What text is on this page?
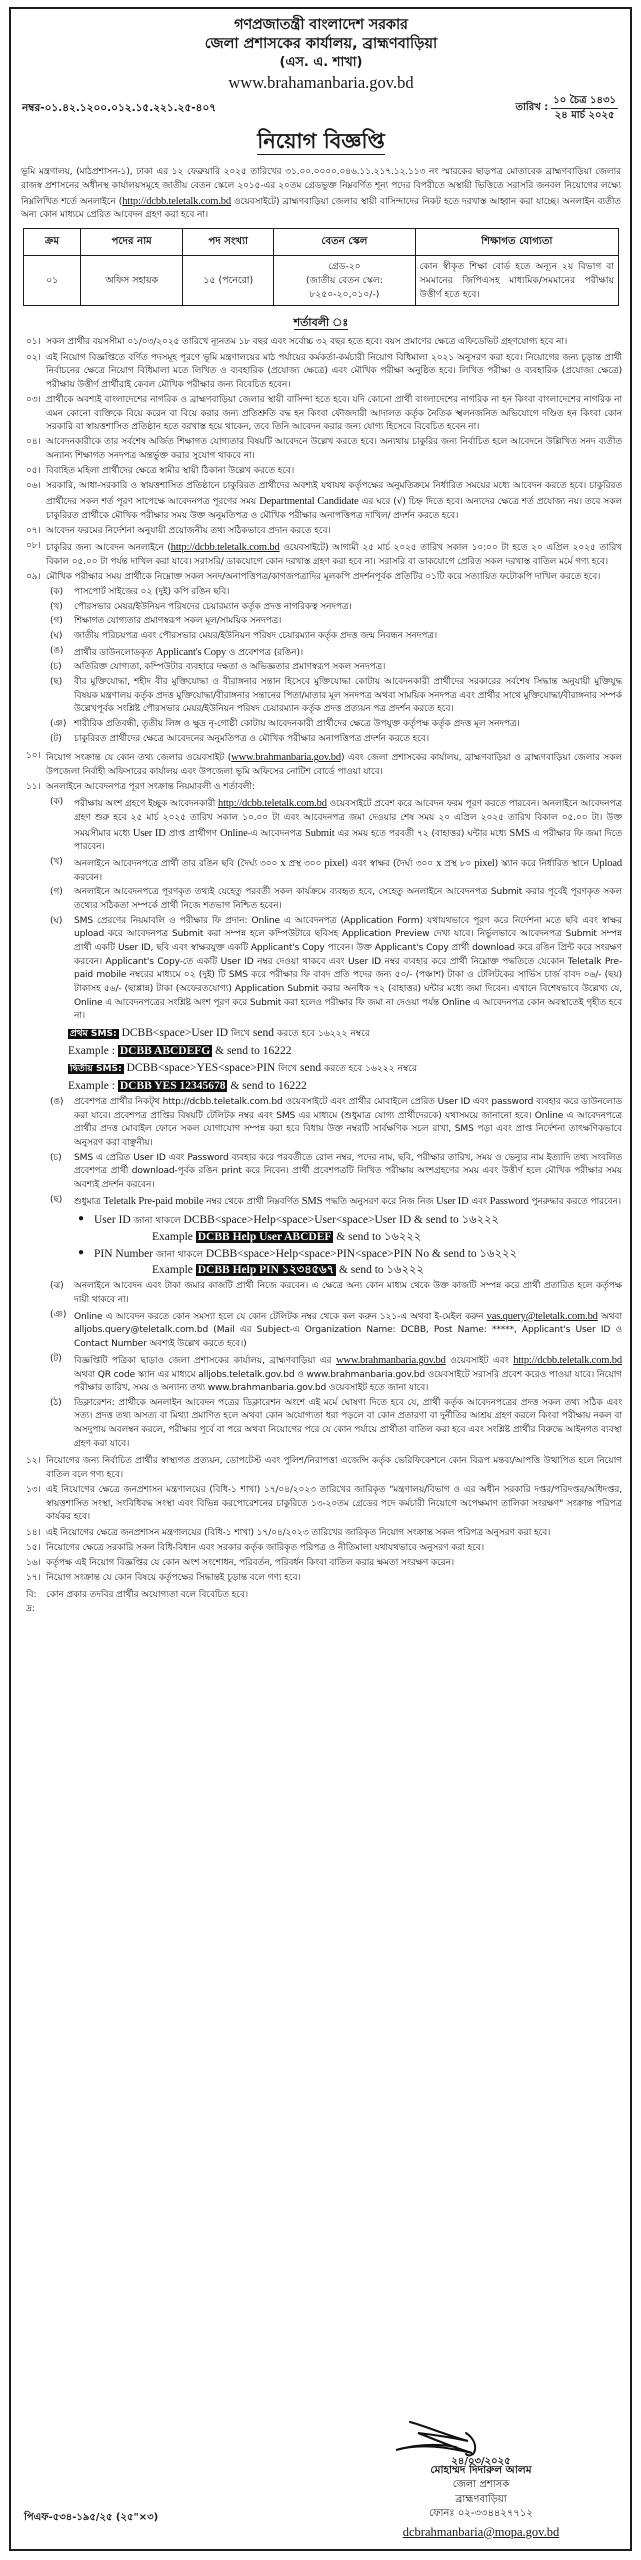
গণপ্রজাতন্ত্রী বাংলাদেশ সরকার
জেলা প্রশাসকের কার্যালয়, ব্রাহ্মণবাড়িয়া
(এস. এ. শাখা)
www.brahamanbaria.gov.bd
নম্বর-০১.৪২.১২০০.০১২.১৫.২২১.২৫-৪০৭	তারিখ :
১০ চৈত্র ১৪৩১
২৪ মার্চ ২০২৫
নিয়োগ বিজ্ঞপ্তি
ভূমি মন্ত্রণালয়, (মাঠপ্রশাসন-১), ঢাকা এর ১২ ফেব্রুয়ারি ২০২৫ তারিখের ৩১.০০.০০০০.০৪৬.১১.২১৭.১২.১১৩ নং স্মারকের ছাড়পত্র মোতাবেক ব্রাহ্মণবাড়িয়া জেলার রাজস্ব প্রশাসনের অধীনস্থ কার্যালয়সমূহে জাতীয় বেতন স্কেলে ২০১৫-এর ২০তম গ্রেডভুক্ত নিম্নবর্ণিত শূন্য পদের বিপরীতে অস্থায়ী ভিত্তিতে সরাসরি জনবল নিয়োগের লক্ষ্যে নিম্নলিখিত শর্তে অনলাইনে (http://dcbb.teletalk.com.bd ওয়েবসাইটে) ব্রাহ্মণবাড়িয়া জেলার স্থায়ী বাসিন্দাদের নিকট হতে দরখাস্ত আহ্বান করা যাচ্ছে। অনলাইন ব্যতীত অন্য কোন মাধ্যমে প্রেরিত আবেদন গ্রহণ করা হবে না।
ক্রম	পদের নাম	পদ সংখ্যা	বেতন স্কেল	শিক্ষাগত যোগ্যতা
০১	অফিস সহায়ক	১৫ (পনেরো)	গ্রেড-২০
(জাতীয় বেতন স্কেল:
৮২৫০-২০,০১০/-)	কোন স্বীকৃত শিক্ষা বোর্ড হতে অন্যূন ২য় বিভাগ বা সমমানের জিপিএসহ মাধ্যমিক/সমমানের পরীক্ষায় উত্তীর্ণ হতে হবে।
শর্তাবলী ঃ
০১। সকল প্রার্থীর বয়সসীমা ০১/০৩/২০২৫ তারিখে ন্যূনতম ১৮ বছর এবং সর্বোচ্চ ৩২ বছর হতে হবে। বয়স প্রমাণের ক্ষেত্রে এফিডেভিট গ্রহণযোগ্য হবে না।
০২। এই নিয়োগ বিজ্ঞপ্তিতে বর্ণিত পদসমূহ পূরণে ভূমি মন্ত্রণালয়ের মাঠ পর্যায়ের কর্মকর্তা-কর্মচারী নিয়োগ বিধিমালা ২০২১ অনুসরণ করা হবে। নিয়োগের জন্য চূড়ান্ত প্রার্থী নির্বাচনের ক্ষেত্রে নিয়োগ বিধিমালা মতে লিখিত ও ব্যবহারিক (প্রযোজ্য ক্ষেত্রে) এবং মৌখিক পরীক্ষা অনুষ্ঠিত হবে। লিখিত পরীক্ষা ও ব্যবহারিক (প্রযোজ্য ক্ষেত্রে) পরীক্ষায় উত্তীর্ণ প্রার্থীরাই কেবল মৌখিক পরীক্ষার জন্য বিবেচিত হবেন।
০৩। প্রার্থীকে অবশ্যই বাংলাদেশের নাগরিক ও ব্রাহ্মণবাড়িয়া জেলার স্থায়ী বাসিন্দা হতে হবে। যদি কোনো প্রার্থী বাংলাদেশের নাগরিক না হন কিংবা বাংলাদেশের নাগরিক না এমন কোনো ব্যক্তিকে বিয়ে করেন বা বিয়ে করার জন্য প্রতিশ্রুতি বদ্ধ হন কিংবা ফৌজদারী আদালত কর্তৃক নৈতিক স্খলনজনিত অভিযোগে দণ্ডিত হন কিংবা কোন সরকারি বা স্বায়ত্তশাসিত প্রতিষ্ঠান হতে বরখাস্ত হয়ে থাকেন, তবে তিনি আবেদন করার জন্য যোগ্য হিসেবে বিবেচিত হবেন না।
০৪। আবেদনকারীকে তার সর্বশেষ অর্জিত শিক্ষাগত যোগ্যতার বিষয়টি আবেদনে উল্লেখ করতে হবে। অন্যথায় চাকুরির জন্য নির্বাচিত হলে আবেদনে উল্লিখিত সনদ ব্যতীত অন্যান্য শিক্ষাগত সনদপত্র অন্তর্ভুক্ত করার সুযোগ থাকবে না।
০৫। বিবাহিত মহিলা প্রার্থীদের ক্ষেত্রে স্বামীর স্থায়ী ঠিকানা উল্লেখ করতে হবে।
০৬। সরকারি, আধা-সরকারি ও স্বায়ত্তশাসিত প্রতিষ্ঠানে চাকুরিরত প্রার্থীদের অবশ্যই যথাযথ কর্তৃপক্ষের অনুমতিক্রমে নির্ধারিত সময়ের মধ্যে আবেদন করতে হবে। চাকুরিরত প্রার্থীদের সকল শর্ত পূরণ সাপেক্ষে আবেদনপত্র পূরণের সময় Departmental Candidate এর ঘরে (√) চিহ্ন দিতে হবে। অন্যদের ক্ষেত্রে শর্ত প্রযোজ্য নয়। তবে সকল চাকুরিরত প্রার্থীকে মৌখিক পরীক্ষার সময় উক্ত অনুমতিপত্র ও মৌখিক পরীক্ষার অনাপত্তিপত্র দাখিল/ প্রদর্শন করতে হবে।
০৭। আবেদন ফরমের নির্দেশনা অনুযায়ী প্রয়োজনীয় তথ্য সঠিকভাবে প্রদান করতে হবে।
০৮। চাকুরির জন্য আবেদন অনলাইনে (http://dcbb.teletalk.com.bd ওয়েবসাইটে) আগামী ২৫ মার্চ ২০২৫ তারিখ সকাল ১০:০০ টা হতে ২০ এপ্রিল ২০২৫ তারিখ বিকাল ০৫.০০ টা পর্যন্ত দাখিল করা যাবে। সরাসরি/ ডাকযোগে কোন দরখাস্ত গ্রহণ করা হবে না। সরাসরি বা ডাকযোগে প্রেরিত সকল দরখাস্ত বাতিল মর্মে গণ্য হবে।
০৯। মৌখিক পরীক্ষার সময় প্রার্থীকে নিম্নোক্ত সকল সনদ/অনাপত্তিপত্র/কাগজপত্রাদির মূলকপি প্রদর্শনপূর্বক প্রতিটির ০১টি করে সত্যায়িত ফটোকপি দাখিল করতে হবে।
(ক)	পাসপোর্ট সাইজের ০২ (দুই) কপি রঙিন ছবি।
(খ)	পৌরসভার মেয়র/ইউনিয়ন পরিষদের চেয়ারম্যান কর্তৃক প্রদত্ত নাগরিকত্ব সনদপত্র।
(গ)	শিক্ষাগত যোগ্যতার প্রমাণস্বরূপ সকল মূল/সাময়িক সনদপত্র।
(ঘ)	জাতীয় পরিচয়পত্র এবং পৌরসভার মেয়র/ইউনিয়ন পরিষদ চেয়ারম্যান কর্তৃক প্রদত্ত জন্ম নিবন্ধন সনদপত্র।
(ঙ)	প্রার্থীর ডাউনলোডকৃত Applicant's Copy ও প্রবেশপত্র (রঙিন)।
(চ)	অতিরিক্ত যোগ্যতা, কম্পিউটার ব্যবহারে দক্ষতা ও অভিজ্ঞতার প্রমাণস্বরূপ সকল সনদপত্র।
(ছ)	বীর মুক্তিযোদ্ধা, শহীদ বীর মুক্তিযোদ্ধা ও বীরাঙ্গনার সন্তান হিসেবে মুক্তিযোদ্ধা কোটায় আবেদনকারী প্রার্থীদের সরকারের সর্বশেষ সিদ্ধান্ত অনুযায়ী মুক্তিযুদ্ধ বিষয়ক মন্ত্রণালয় কর্তৃক প্রদত্ত মুক্তিযোদ্ধা/বীরাঙ্গনার সন্তানের পিতা/মাতার মূল সনদপত্র অথবা সাময়িক সনদপত্র এবং প্রার্থীর সাথে মুক্তিযোদ্ধা/বীরাঙ্গনার সম্পর্ক উল্লেখপূর্বক সংশ্লিষ্ট পৌরসভার মেয়র/ইউনিয়ন পরিষদ চেয়ারম্যান কর্তৃক প্রদত্ত প্রত্যয়ন পত্র প্রদর্শন করতে হবে।
(ঞ) শারীরিক প্রতিবন্ধী, তৃতীয় লিঙ্গ ও ক্ষুদ্র নৃ-গোষ্ঠী কোটায় আবেদনকারী প্রার্থীদের ক্ষেত্রে উপযুক্ত কর্তৃপক্ষ কর্তৃক প্রদত্ত মূল সনদপত্র।
(ট)	চাকুরিরত প্রার্থীদের ক্ষেত্রে আবেদনের অনুমতিপত্র ও মৌখিক পরীক্ষার অনাপত্তিপত্র প্রদর্শন করতে হবে।
১০। নিয়োগ সংক্রান্ত যে কোন তথ্য জেলার ওয়েবসাইট (www.brahmanbaria.gov.bd) এবং জেলা প্রশাসকের কার্যালয়, ব্রাহ্মণবাড়িয়া ও ব্রাহ্মণবাড়িয়া জেলার সকল উপজেলা নির্বাহী অফিসারের কার্যালয় এবং উপজেলা ভূমি অফিসের নোটিশ বোর্ডে পাওয়া যাবে।
১১। অনলাইনে আবেদনপত্র পূরণ সংক্রান্ত নিয়মাবলী ও শর্তাবলী:
(ক)	পরীক্ষায় অংশ গ্রহণে ইচ্ছুক আবেদনকারী http://dcbb.teletalk.com.bd ওয়েবসাইটে প্রবেশ করে আবেদন ফরম পূরণ করতে পারবেন। অনলাইনে আবেদনপত্র গ্রহণ শুরু হবে ২৫ মার্চ ২০২৫ তারিখ সকাল ১০.০০ টা এবং আবেদনপত্র জমা দেওয়ার শেষ সময় ২০ এপ্রিল ২০২৫ তারিখ বিকাল ০৫.০০ টা। উক্ত সময়সীমার মধ্যে User ID প্রাপ্ত প্রার্থীগণ Online-এ আবেদনপত্র Submit এর সময় হতে পরবর্তী ৭২ (বাহাত্তর) ঘন্টার মধ্যে SMS এ পরীক্ষার ফি জমা দিতে পারবেন।
(খ)	অনলাইনে আবেদনপত্রে প্রার্থী তার রঙিন ছবি (দৈর্ঘ্য ৩০০ x প্রস্থ ৩০০ pixel) এবং স্বাক্ষর (দৈর্ঘ্য ৩০০ x প্রস্থ ৮০ pixel) স্ক্যান করে নির্ধারিত স্থানে Upload করবেন।
(গ)	অনলাইনে আবেদনপত্রে পূরণকৃত তথ্যই যেহেতু পরবর্তী সকল কার্যক্রমে ব্যবহৃত হবে, সেহেতু অনলাইনে আবেদনপত্র Submit করার পূর্বেই পূরণকৃত সকল তথ্যের সঠিকতা সম্পর্কে প্রার্থী নিজে শতভাগ নিশ্চিত হবেন।
(ঘ)	SMS প্রেরণের নিয়মাবলি ও পরীক্ষার ফি প্রদান: Online এ আবেদনপত্র (Application Form) যথাযথভাবে পূরণ করে নির্দেশনা মতে ছবি এবং স্বাক্ষর upload করে আবেদনপত্র Submit করা সম্পন্ন হলে কম্পিউটারে ছবিসহ Application Preview দেখা যাবে। নির্ভুলভাবে আবেদনপত্র Submit সম্পন্ন প্রার্থী একটি User ID, ছবি এবং স্বাক্ষরযুক্ত একটি Applicant's Copy পাবেন। উক্ত Applicant's Copy প্রার্থী download করে রঙিন প্রিন্ট করে সংরক্ষণ করবেন। Applicant's Copy-তে একটি User ID নম্বর দেওয়া থাকবে এবং User ID নম্বর ব্যবহার করে প্রার্থী নিম্নোক্ত পদ্ধতিতে যেকোন Teletalk Pre-paid mobile নম্বরের মাধ্যমে ০২ (দুই) টি SMS করে পরীক্ষার ফি বাবদ প্রতি পদের জন্য ৫০/- (পঞ্চাশ) টাকা ও টেলিটকের সার্ভিস চার্জ বাবদ ০৬/- (ছয়) টাকাসহ ৫৬/- (ছাপ্পান্ন) টাকা (অফেরতযোগ্য) Application Submit করার অনধিক ৭২ (বাহাত্তর) ঘন্টার মধ্যে জমা দিবেন। এখানে বিশেষভাবে উল্লেখ্য যে, Online এ আবেদনপত্রের সংশ্লিষ্ট অংশ পূরণ করে Submit করা হলেও পরীক্ষার ফি জমা না দেওয়া পর্যন্ত Online এ আবেদনপত্র কোন অবস্থাতেই গৃহীত হবে না।
প্রথম SMS: DCBB<space>User ID লিখে send করতে হবে ১৬২২২ নম্বরে
Example : DCBB ABCDEFG & send to 16222
দ্বিতীয় SMS: DCBB<space>YES<space>PIN লিখে send করতে হবে ১৬২২২ নম্বরে
Example : DCBB YES 12345678 & send to 16222
(ঙ)	প্রবেশপত্র প্রার্থীর নিকট্থ http://dcbb.teletalk.com.bd ওয়েবসাইটে এবং প্রার্থীর মোবাইলে প্রেরিত User ID এবং password ব্যবহার করে ডাউনলোড করা যাবে। প্রবেশপত্র প্রাপ্তির বিষয়টি টেলিটক নম্বর এবং SMS এর মাধ্যমে (শুধুমাত্র যোগ্য প্রার্থীদেরকে) যথাসময়ে জানানো হবে। Online এ আবেদনপত্রে প্রার্থীর প্রদত্ত মোবাইল ফোনে সকল যোগাযোগ সম্পন্ন করা হবে বিধায় উক্ত নম্বরটি সার্বক্ষণিক সচল রাখা, SMS পড়া এবং প্রাপ্ত নির্দেশনা তাৎক্ষণিকভাবে অনুসরণ করা বাঞ্ছনীয়।
(চ)	SMS এ প্রেরিত User ID এবং Password ব্যবহার করে পরবর্তীতে রোল নম্বর, পদের নাম, ছবি, পরীক্ষার তারিখ, সময় ও ভেন্যুর নাম ইত্যাদি তথ্য সংবলিত প্রবেশপত্র প্রার্থী download-পূর্বক রঙিন print করে নিবেন। প্রার্থী প্রবেশপত্রটি লিখিত পরীক্ষায় অংশগ্রহণের সময় এবং উত্তীর্ণ হলে মৌখিক পরীক্ষার সময় অবশ্যই প্রদর্শন করবেন।
(ছ)	শুধুমাত্র Teletalk Pre-paid mobile নম্বর থেকে প্রার্থী নিম্নবর্ণিত SMS পদ্ধতি অনুসরণ করে নিজ নিজ User ID এবং Password পুনরুদ্ধার করতে পারবেন।
● User ID জানা থাকলে DCBB<space>Help<space>User<space>User ID & send to ১৬২২২
Example DCBB Help User ABCDEF & send to ১৬২২২
● PIN Number জানা থাকলে DCBB<space>Help<space>PIN<space>PIN No & send to ১৬২২২
Example DCBB Help PIN ১২৩৪৫৬৭ & send to ১৬২২২
(ঝ)	অনলাইনে আবেদন এবং টাকা জমার কাজটি প্রার্থী নিজে করবেন। এ ক্ষেত্রে অন্য কোন মাধ্যম থেকে উক্ত কাজটি সম্পন্ন করে প্রার্থী প্রতারিত হলে কর্তৃপক্ষ দায়ী থাকবে না।
(ঞ) Online এ আবেদন করতে কোন সমস্যা হলে যে কোন টেলিটক নম্বর থেকে কল করুন ১২১-এ অথবা ই-মেইল করুন vas.query@teletalk.com.bd অথবা alljobs.query@teletalk.com.bd (Mail এর Subject-এ Organization Name: DCBB, Post Name: *****, Applicant's User ID ও Contact Number অবশ্যই উল্লেখ করতে হবে।)
(ট)	বিজ্ঞপ্তিটি পত্রিকা ছাড়াও জেলা প্রশাসকের কার্যালয়, ব্রাহ্মণবাড়িয়া এর www.brahmanbaria.gov.bd ওয়েবসাইট এবং http://dcbb.teletalk.com.bd অথবা QR code স্ক্যান এর মাধ্যমে alljobs.teletalk.gov.bd ও www.brahmanbaria.gov.bd ওয়েবসাইটে সরাসরি প্রবেশ করেও পাওয়া যাবে। নিয়োগ পরীক্ষার তারিখ, সময় ও অন্যান্য তথ্য www.brahmanbaria.gov.bd ওয়েবসাইট হতে জানা যাবে।
(ঠ)	ডিক্লারেশন: প্রার্থীকে অনলাইন আবেদন পত্রের ডিক্লারেশন অংশে এই মর্মে ঘোষণা দিতে হবে যে, প্রার্থী কর্তৃক আবেদনপত্রের প্রদত্ত সকল তথ্য সঠিক এবং সত্য। প্রদত্ত তথ্য অসত্য বা মিথ্যা প্রমাণিত হলে অথবা কোন অযোগ্যতা ধরা পড়লে বা কোন প্রতারণা বা দুর্নীতির আশ্রয় গ্রহণ করলে কিংবা পরীক্ষায় নকল বা অসদুপায় অবলম্বন করলে, পরীক্ষার পূর্বে বা পরে অথবা নিয়োগের পরে যে কোন পর্যায়ে প্রার্থীতা বাতিল করা হবে এবং সংশ্লিষ্ট প্রার্থীর বিরুদ্ধে আইনগত ব্যবস্থা গ্রহণ করা যাবে।
১২। নিয়োগের জন্য নির্বাচিত প্রার্থীর স্বাস্থ্যগত প্রত্যয়ন, ডোপটেস্ট এবং পুলিশ/নিরাপত্তা এজেন্সি কর্তৃক ভেরিফিকেশনে কোন বিরূপ মন্তব্য/আপত্তি উত্থাপিত হলে নিয়োগ বাতিল বলে গণ্য হবে।
১৩। এই নিয়োগের ক্ষেত্রে জনপ্রশাসন মন্ত্রণালয়ের (বিধি-১ শাখা) ১৭/০৪/২০২৩ তারিখের জারিকৃত "মন্ত্রণালয়/বিভাগ ও এর অধীন সরকারি দপ্তর/পরিদপ্তর/অধিদপ্তর, স্বায়ত্তশাসিত সংস্থা, সংবিধিবদ্ধ সংস্থা এবং বিভিন্ন করপোরেশনের চাকুরিতে ১৩-২০তম গ্রেডের পদে কর্মচারী নিয়োগে অপেক্ষমাণ তালিকা সংরক্ষণ" সংক্রান্ত পরিপত্র কার্যকর হবে।
১৪। এই নিয়োগের ক্ষেত্রে জনপ্রশাসন মন্ত্রণালয়ের (বিধি-১ শাখা) ১৭/০৪/২০২৩ তারিখের জারিকৃত নিয়োগ সংক্রান্ত সকল পরিপত্র অনুসরণ করা হবে।
১৫। নিয়োগের ক্ষেত্রে সরকারি সকল বিধি-বিধান এবং সরকার কর্তৃক জারিকৃত পরিপত্র ও নীতিমালা যথাযথভাবে অনুসরণ করা হবে।
১৬। কর্তৃপক্ষ এই নিয়োগ বিজ্ঞপ্তির যে কোন অংশ সংশোধন, পরিবর্তন, পরিবর্ধন কিংবা বাতিল করার ক্ষমতা সংরক্ষণ করেন।
১৭। নিয়োগ সংক্রান্ত যে কোন বিষয়ে কর্তৃপক্ষের সিদ্ধান্তই চূড়ান্ত বলে গণ্য হবে।
বি: দ্র:
কোন প্রকার তদবির প্রার্থীর অযোগ্যতা বলে বিবেচিত হবে।
পিএফ-৫৩৪-১৯৫/২৫ (২৫"×৩)
২৪/০৩/২০২৫
মোহাম্মদ দিদারুল আলম
জেলা প্রশাসক
ব্রাহ্মণবাড়িয়া
ফোনঃ ০২-৩৩৪৪২৭৭১২
dcbrahmanbaria@mopa.gov.bd
